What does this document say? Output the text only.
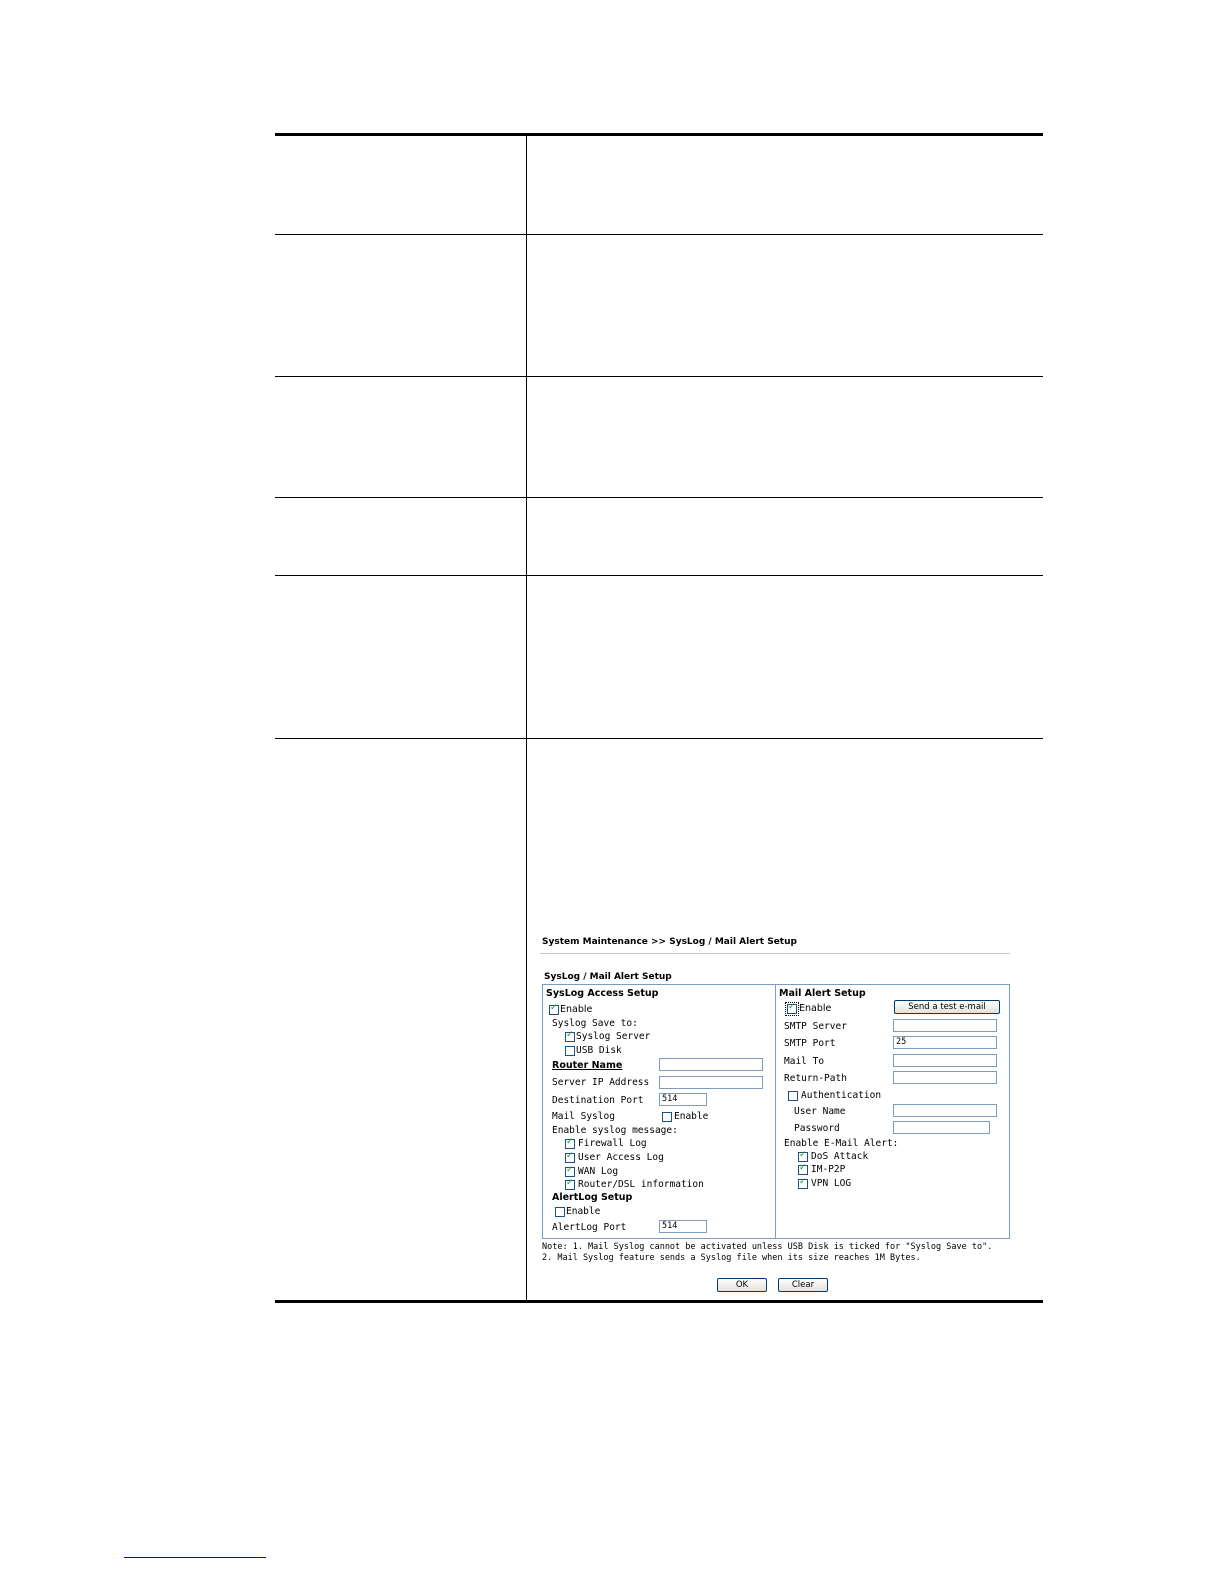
System Maintenance >> SysLog / Mail Alert Setup
SysLog / Mail Alert Setup
SysLog Access Setup
✓
Enable
Syslog Save to:
✓
Syslog Server
USB Disk
Router Name
Server IP Address
Destination Port	514
Mail Syslog	Enable
Enable syslog message:
✓
Firewall Log
✓
User Access Log
✓
WAN Log
✓
Router/DSL information
AlertLog Setup
Enable
AlertLog Port	514
Mail Alert Setup
✓
Enable	Send a test e-mail
SMTP Server
SMTP Port	25
Mail To
Return-Path
Authentication
User Name
Password
Enable E-Mail Alert:
✓
DoS Attack
✓
IM-P2P
✓
VPN LOG
Note: 1. Mail Syslog cannot be activated unless USB Disk is ticked for "Syslog Save to".
2. Mail Syslog feature sends a Syslog file when its size reaches 1M Bytes.
OK	Clear
